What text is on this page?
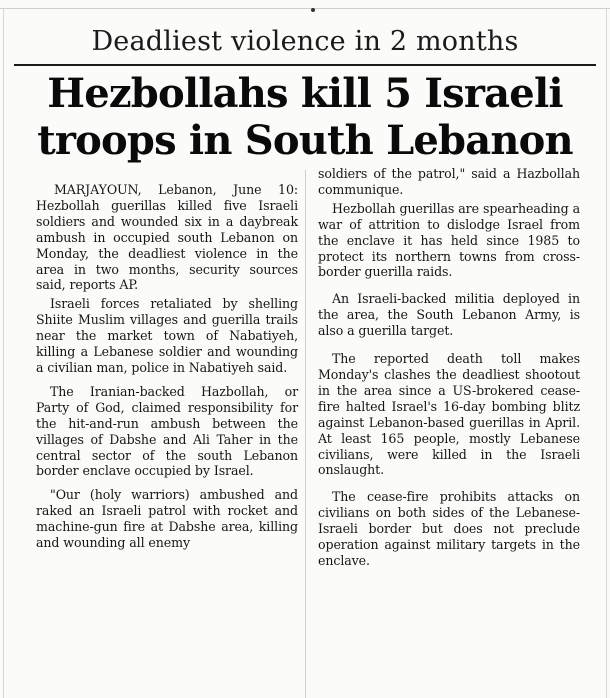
Deadliest violence in 2 months
Hezbollahs kill 5 Israeli
troops in South Lebanon

MARJAYOUN, Lebanon, June 10: Hezbollah guerillas killed five Israeli soldiers and wounded six in a daybreak ambush in occupied south Lebanon on Monday, the deadliest violence in the area in two months, security sources said, reports AP.

Israeli forces retaliated by shelling Shiite Muslim villages and guerilla trails near the market town of Nabatiyeh, killing a Lebanese soldier and wounding a civilian man, police in Nabatiyeh said.

The Iranian-backed Hazbollah, or Party of God, claimed responsibility for the hit-and-run ambush between the villages of Dabshe and Ali Taher in the central sector of the south Lebanon border enclave occupied by Israel.

"Our (holy warriors) ambushed and raked an Israeli patrol with rocket and machine-gun fire at Dabshe area, killing and wounding all enemy

soldiers of the patrol," said a Hazbollah communique.

Hezbollah guerillas are spearheading a war of attrition to dislodge Israel from the enclave it has held since 1985 to protect its northern towns from cross-border guerilla raids.

An Israeli-backed militia deployed in the area, the South Lebanon Army, is also a guerilla target.

The reported death toll makes Monday's clashes the deadliest shootout in the area since a US-brokered cease-fire halted Israel's 16-day bombing blitz against Lebanon-based guerillas in April. At least 165 people, mostly Lebanese civilians, were killed in the Israeli onslaught.

The cease-fire prohibits attacks on civilians on both sides of the Lebanese-Israeli border but does not preclude operation against military targets in the enclave.
